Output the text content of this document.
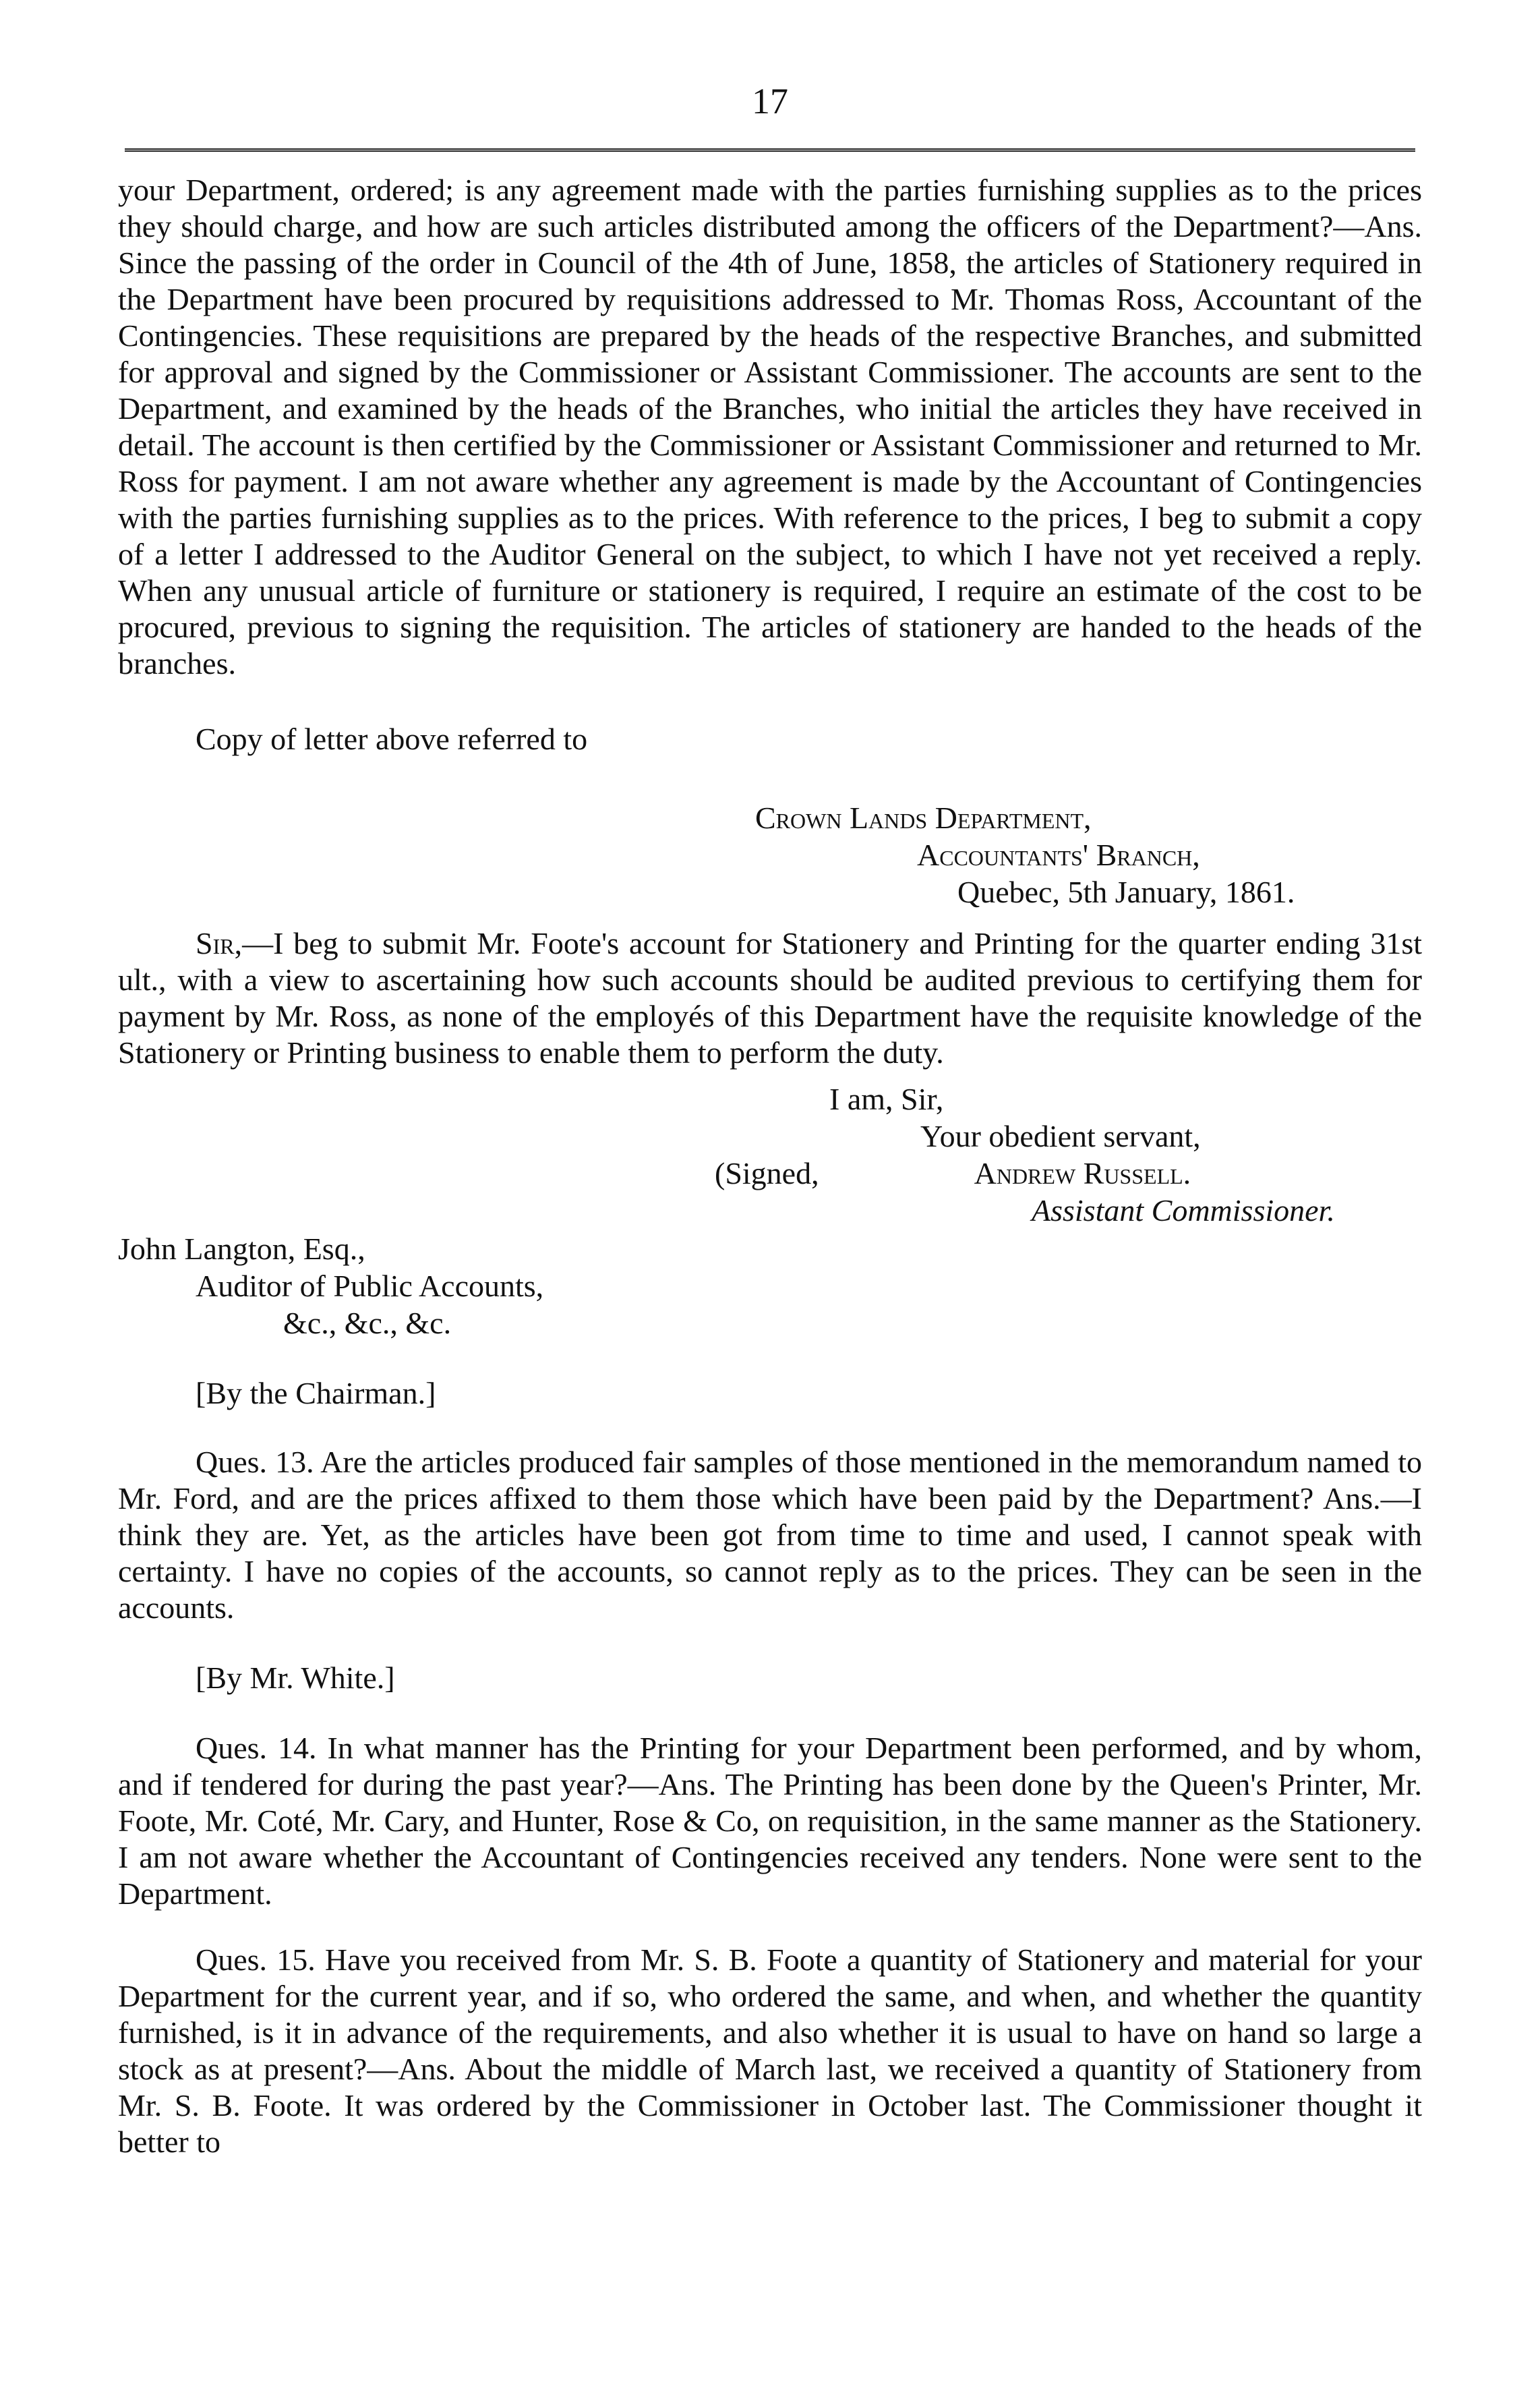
17

your Department, ordered; is any agreement made with the parties furnishing supplies as to the prices they should charge, and how are such articles distributed among the officers of the Department?—Ans. Since the passing of the order in Council of the 4th of June, 1858, the articles of Stationery required in the Department have been procured by requisitions addressed to Mr. Thomas Ross, Accountant of the Contingencies. These requisitions are prepared by the heads of the respective Branches, and submitted for approval and signed by the Commissioner or Assistant Commissioner. The accounts are sent to the Department, and examined by the heads of the Branches, who initial the articles they have received in detail. The account is then certified by the Commissioner or Assistant Commissioner and returned to Mr. Ross for payment. I am not aware whether any agreement is made by the Accountant of Contingencies with the parties furnishing supplies as to the prices. With reference to the prices, I beg to submit a copy of a letter I addressed to the Auditor General on the subject, to which I have not yet received a reply. When any unusual article of furniture or stationery is required, I require an estimate of the cost to be procured, previous to signing the requisition. The articles of stationery are handed to the heads of the branches.

Copy of letter above referred to

Crown Lands Department,
Accountants' Branch,
Quebec, 5th January, 1861.

Sir,—I beg to submit Mr. Foote's account for Stationery and Printing for the quarter ending 31st ult., with a view to ascertaining how such accounts should be audited previous to certifying them for payment by Mr. Ross, as none of the employés of this Department have the requisite knowledge of the Stationery or Printing business to enable them to perform the duty.

I am, Sir,
Your obedient servant,
(Signed,	Andrew Russell.
Assistant Commissioner.
John Langton, Esq.,
Auditor of Public Accounts,
&c., &c., &c.

[By the Chairman.]

Ques. 13. Are the articles produced fair samples of those mentioned in the memorandum named to Mr. Ford, and are the prices affixed to them those which have been paid by the Department? Ans.—I think they are. Yet, as the articles have been got from time to time and used, I cannot speak with certainty. I have no copies of the accounts, so cannot reply as to the prices. They can be seen in the accounts.

[By Mr. White.]

Ques. 14. In what manner has the Printing for your Department been performed, and by whom, and if tendered for during the past year?—Ans. The Printing has been done by the Queen's Printer, Mr. Foote, Mr. Coté, Mr. Cary, and Hunter, Rose & Co, on requisition, in the same manner as the Stationery. I am not aware whether the Accountant of Contingencies received any tenders. None were sent to the Department.

Ques. 15. Have you received from Mr. S. B. Foote a quantity of Stationery and material for your Department for the current year, and if so, who ordered the same, and when, and whether the quantity furnished, is it in advance of the requirements, and also whether it is usual to have on hand so large a stock as at present?—Ans. About the middle of March last, we received a quantity of Stationery from Mr. S. B. Foote. It was ordered by the Commissioner in October last. The Commissioner thought it better to
